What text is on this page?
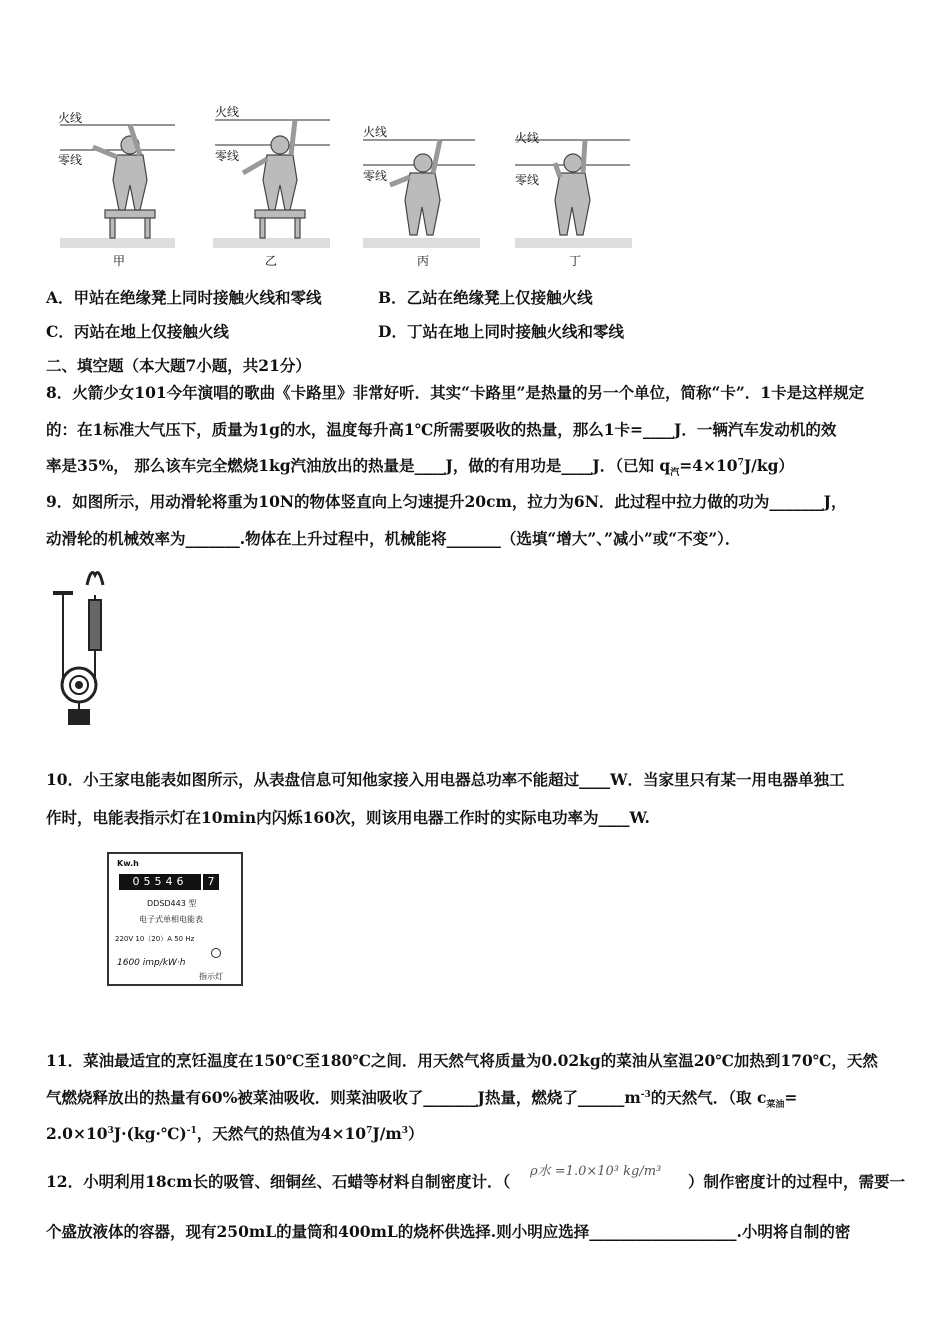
火线
零线
火线
零线
火线
零线
火线
零线
甲	乙	丙	丁
A．甲站在绝缘凳上同时接触火线和零线	B．乙站在绝缘凳上仅接触火线
C．丙站在地上仅接触火线	D．丁站在地上同时接触火线和零线
二、填空题（本大题7小题，共21分）
8．火箭少女101今年演唱的歌曲《卡路里》非常好听．其实“卡路里”是热量的另一个单位，简称“卡”．1卡是这样规定
的：在1标准大气压下，质量为1g的水，温度每升高1℃所需要吸收的热量，那么1卡=____J．一辆汽车发动机的效
率是35%， 那么该车完全燃烧1kg汽油放出的热量是____J，做的有用功是____J．（已知 $q_汽=4\times 10^7J/kg$）
9．如图所示，用动滑轮将重为10N的物体竖直向上匀速提升20cm，拉力为6N．此过程中拉力做的功为_______J，
动滑轮的机械效率为_______.物体在上升过程中，机械能将_______（选填“增大”、”减小”或“不变”）．
10．小王家电能表如图所示，从表盘信息可知他家接入用电器总功率不能超过____W．当家里只有某一用电器单独工
作时，电能表指示灯在10min内闪烁160次，则该用电器工作时的实际电功率为____W.
Kw.h
05546	7
DDSD443 型
电子式单相电能表
220V 10（20）A 50 Hz
1600 imp/kW·h
指示灯
11．菜油最适宜的烹饪温度在150℃至180℃之间．用天然气将质量为0.02kg的菜油从室温20℃加热到170℃，天然
气燃烧释放出的热量有60%被菜油吸收．则菜油吸收了_______J热量，燃烧了$\_\_\_\_\_\_m^{-3}$的天然气．（取 $c_{菜油}=$
$2.0\times 10^3J\cdot(kg\cdot℃)^{-1}$，天然气的热值为$4\times 10^7J/m^3$）
12．小明利用18cm长的吸管、细铜丝、石蜡等材料自制密度计．（
ρ水 =1.0×10³ kg/m³
）制作密度计的过程中，需要一
个盛放液体的容器，现有250mL的量筒和400mL的烧杯供选择.则小明应选择___________________.小明将自制的密
